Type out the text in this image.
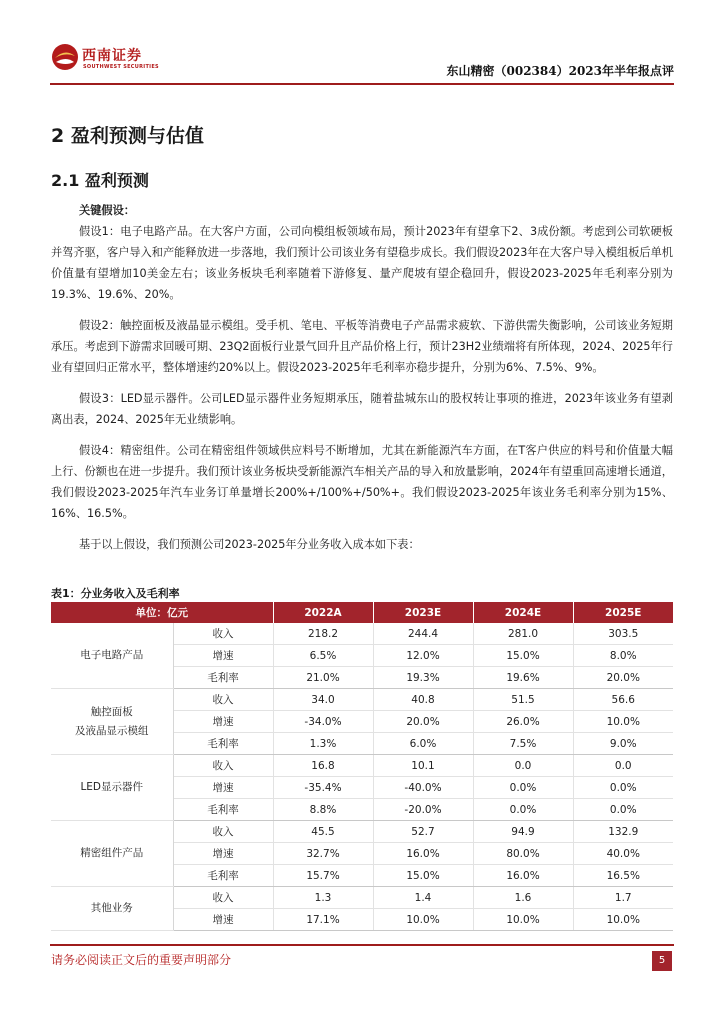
西南证券
SOUTHWEST SECURITIES	东山精密（002384）2023年半年报点评
2 盈利预测与估值
2.1 盈利预测

关键假设：

假设1：电子电路产品。在大客户方面，公司向模组板领域布局，预计2023年有望拿下2、3成份额。考虑到公司软硬板并驾齐驱，客户导入和产能释放进一步落地，我们预计公司该业务有望稳步成长。我们假设2023年在大客户导入模组板后单机价值量有望增加10美金左右；该业务板块毛利率随着下游修复、量产爬坡有望企稳回升，假设2023-2025年毛利率分别为19.3%、19.6%、20%。

假设2：触控面板及液晶显示模组。受手机、笔电、平板等消费电子产品需求疲软、下游供需失衡影响，公司该业务短期承压。考虑到下游需求回暖可期、23Q2面板行业景气回升且产品价格上行，预计23H2业绩端将有所体现，2024、2025年行业有望回归正常水平，整体增速约20%以上。假设2023-2025年毛利率亦稳步提升，分别为6%、7.5%、9%。

假设3：LED显示器件。公司LED显示器件业务短期承压，随着盐城东山的股权转让事项的推进，2023年该业务有望剥离出表，2024、2025年无业绩影响。

假设4：精密组件。公司在精密组件领域供应料号不断增加，尤其在新能源汽车方面，在T客户供应的料号和价值量大幅上行、份额也在进一步提升。我们预计该业务板块受新能源汽车相关产品的导入和放量影响，2024年有望重回高速增长通道，我们假设2023-2025年汽车业务订单量增长200%+/100%+/50%+。我们假设2023-2025年该业务毛利率分别为15%、16%、16.5%。

基于以上假设，我们预测公司2023-2025年分业务收入成本如下表：

表1：分业务收入及毛利率
单位：亿元		2022A	2023E	2024E	2025E
电子电路产品	收入	218.2	244.4	281.0	303.5
	增速	6.5%	12.0%	15.0%	8.0%
	毛利率	21.0%	19.3%	19.6%	20.0%
触控面板
及液晶显示模组	收入	34.0	40.8	51.5	56.6
	增速	-34.0%	20.0%	26.0%	10.0%
	毛利率	1.3%	6.0%	7.5%	9.0%
LED显示器件	收入	16.8	10.1	0.0	0.0
	增速	-35.4%	-40.0%	0.0%	0.0%
	毛利率	8.8%	-20.0%	0.0%	0.0%
精密组件产品	收入	45.5	52.7	94.9	132.9
	增速	32.7%	16.0%	80.0%	40.0%
	毛利率	15.7%	15.0%	16.0%	16.5%
其他业务	收入	1.3	1.4	1.6	1.7
	增速	17.1%	10.0%	10.0%	10.0%
请务必阅读正文后的重要声明部分	5
